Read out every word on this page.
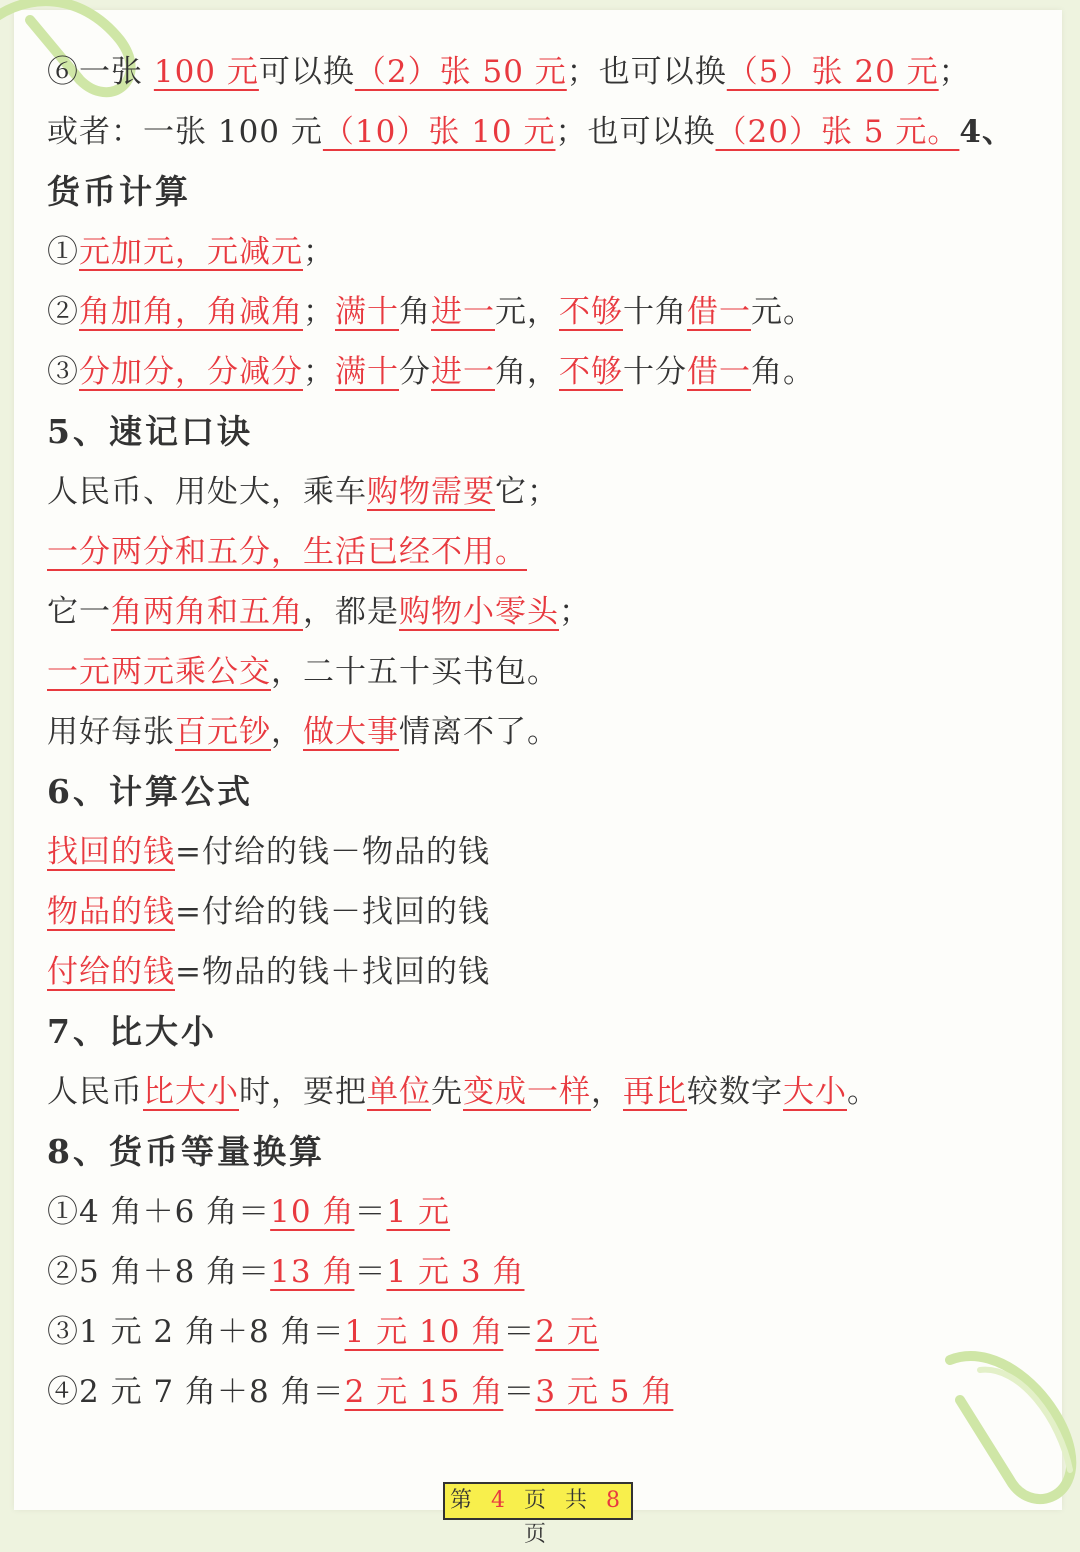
⑥一张 100 元可以换（2）张 50 元；也可以换（5）张 20 元；
或者：一张 100 元（10）张 10 元；也可以换（20）张 5 元。4、
货币计算
①元加元，元减元；
②角加角，角减角；满十角进一元，不够十角借一元。
③分加分，分减分；满十分进一角，不够十分借一角。
5、速记口诀
人民币、用处大，乘车购物需要它；
一分两分和五分，生活已经不用。
它一角两角和五角，都是购物小零头；
一元两元乘公交，二十五十买书包。
用好每张百元钞，做大事情离不了。
6、计算公式
找回的钱=付给的钱－物品的钱
物品的钱=付给的钱－找回的钱
付给的钱=物品的钱＋找回的钱
7、比大小
人民币比大小时，要把单位先变成一样，再比较数字大小。
8、货币等量换算
①4 角＋6 角＝10 角＝1 元
②5 角＋8 角＝13 角＝1 元 3 角
③1 元 2 角＋8 角＝1 元 10 角＝2 元
④2 元 7 角＋8 角＝2 元 15 角＝3 元 5 角
第 4 页 共 8 页
